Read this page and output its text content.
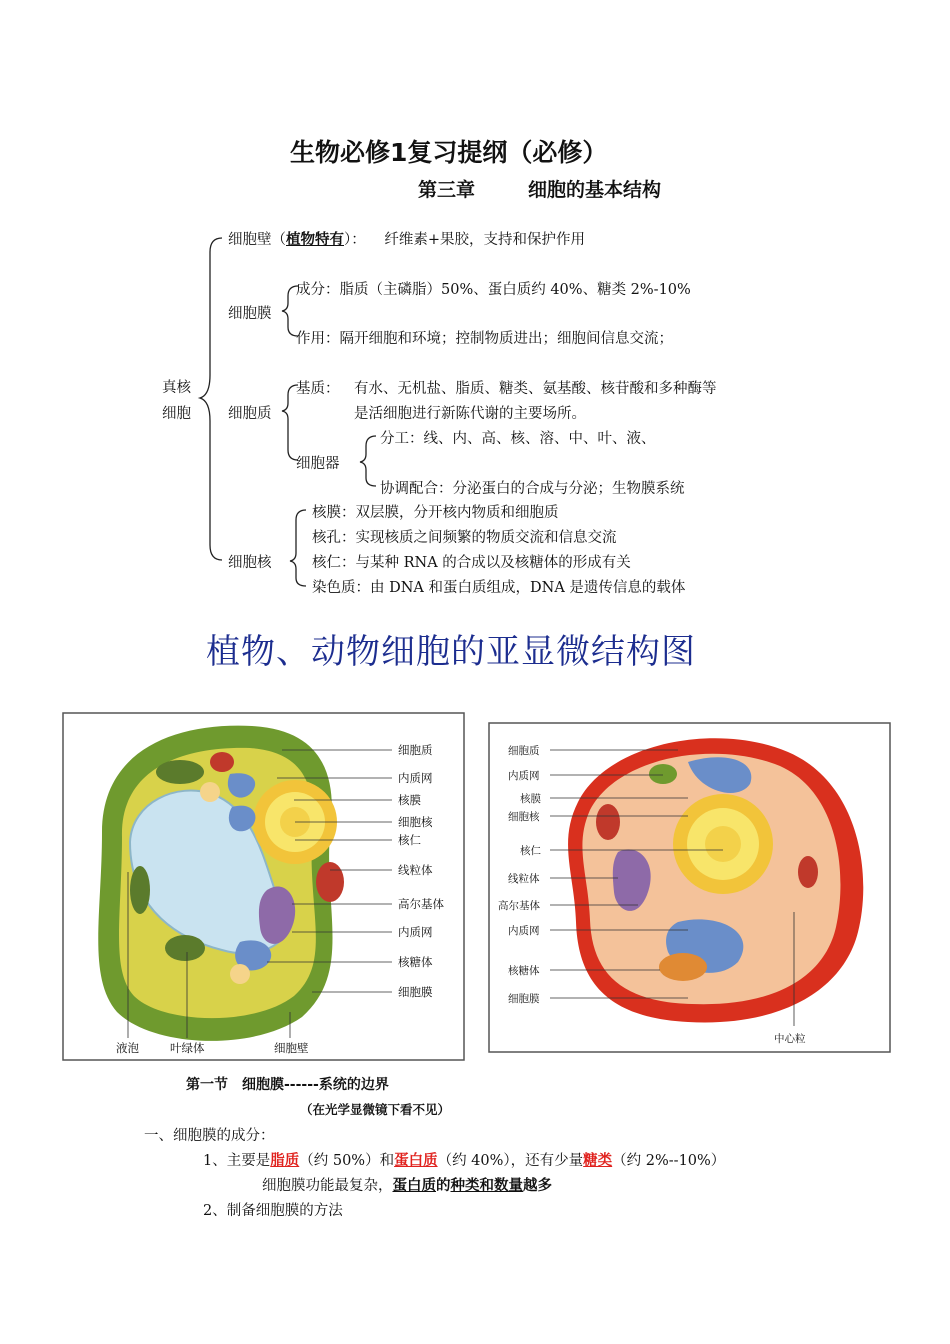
生物必修1复习提纲（必修）
第三章	细胞的基本结构
真核
细胞
细胞壁（植物特有）： 纤维素+果胶，支持和保护作用
细胞膜
成分：脂质（主磷脂）50%、蛋白质约 40%、糖类 2%-10%
作用：隔开细胞和环境；控制物质进出；细胞间信息交流；
细胞质
基质： 有水、无机盐、脂质、糖类、氨基酸、核苷酸和多种酶等
是活细胞进行新陈代谢的主要场所。
细胞器
分工：线、内、高、核、溶、中、叶、液、
协调配合：分泌蛋白的合成与分泌；生物膜系统
细胞核
核膜：双层膜，分开核内物质和细胞质
核孔：实现核质之间频繁的物质交流和信息交流
核仁：与某种 RNA 的合成以及核糖体的形成有关
染色质：由 DNA 和蛋白质组成，DNA 是遗传信息的载体
植物、动物细胞的亚显微结构图
细胞质
内质网
核膜
细胞核
核仁
线粒体
高尔基体
内质网
核糖体
细胞膜
液泡	叶绿体	细胞壁
细胞质
内质网
核膜
细胞核
核仁
线粒体
高尔基体
内质网
核糖体
细胞膜
中心粒
第一节　细胞膜------系统的边界
（在光学显微镜下看不见）
一、细胞膜的成分：
1、主要是脂质（约 50%）和蛋白质（约 40%），还有少量糖类（约 2%--10%）
细胞膜功能最复杂，蛋白质的种类和数量越多
2、制备细胞膜的方法
